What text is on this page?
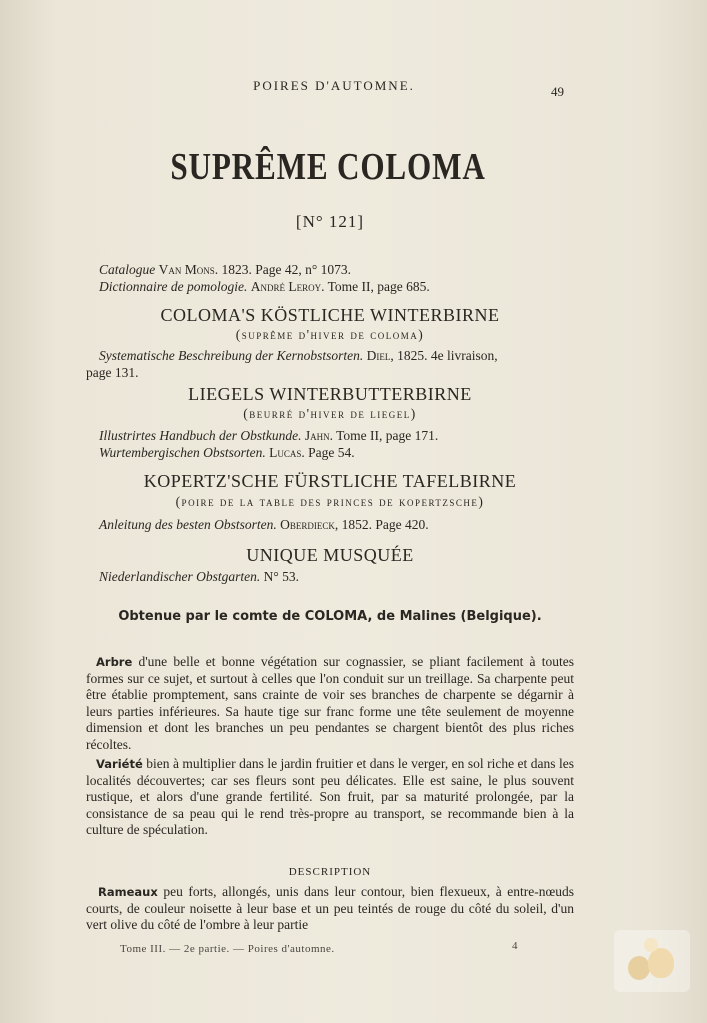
POIRES D'AUTOMNE.	49
SUPRÊME COLOMA
[N° 121]
Catalogue Van Mons. 1823. Page 42, n° 1073.
Dictionnaire de pomologie. André Leroy. Tome II, page 685.
COLOMA'S KÖSTLICHE WINTERBIRNE
(suprême d'hiver de coloma)
Systematische Beschreibung der Kernobstsorten. Diel, 1825. 4e livraison,
page 131.
LIEGELS WINTERBUTTERBIRNE
(beurré d'hiver de liegel)
Illustrirtes Handbuch der Obstkunde. Jahn. Tome II, page 171.
Wurtembergischen Obstsorten. Lucas. Page 54.
KOPERTZ'SCHE FÜRSTLICHE TAFELBIRNE
(poire de la table des princes de kopertzsche)
Anleitung des besten Obstsorten. Oberdieck, 1852. Page 420.
UNIQUE MUSQUÉE
Niederlandischer Obstgarten. N° 53.
Obtenue par le comte de COLOMA, de Malines (Belgique).
Arbre d'une belle et bonne végétation sur cognassier, se pliant facilement à toutes formes sur ce sujet, et surtout à celles que l'on conduit sur un treillage. Sa charpente peut être établie promptement, sans crainte de voir ses branches de charpente se dégarnir à leurs parties inférieures. Sa haute tige sur franc forme une tête seulement de moyenne dimension et dont les branches un peu pendantes se chargent bientôt des plus riches récoltes.
Variété bien à multiplier dans le jardin fruitier et dans le verger, en sol riche et dans les localités découvertes; car ses fleurs sont peu délicates. Elle est saine, le plus souvent rustique, et alors d'une grande fertilité. Son fruit, par sa maturité prolongée, par la consistance de sa peau qui le rend très-propre au transport, se recommande bien à la culture de spéculation.
DESCRIPTION
Rameaux peu forts, allongés, unis dans leur contour, bien flexueux, à entre-nœuds courts, de couleur noisette à leur base et un peu teintés de rouge du côté du soleil, d'un vert olive du côté de l'ombre à leur partie
Tome III. — 2e partie. — Poires d'automne.	4
